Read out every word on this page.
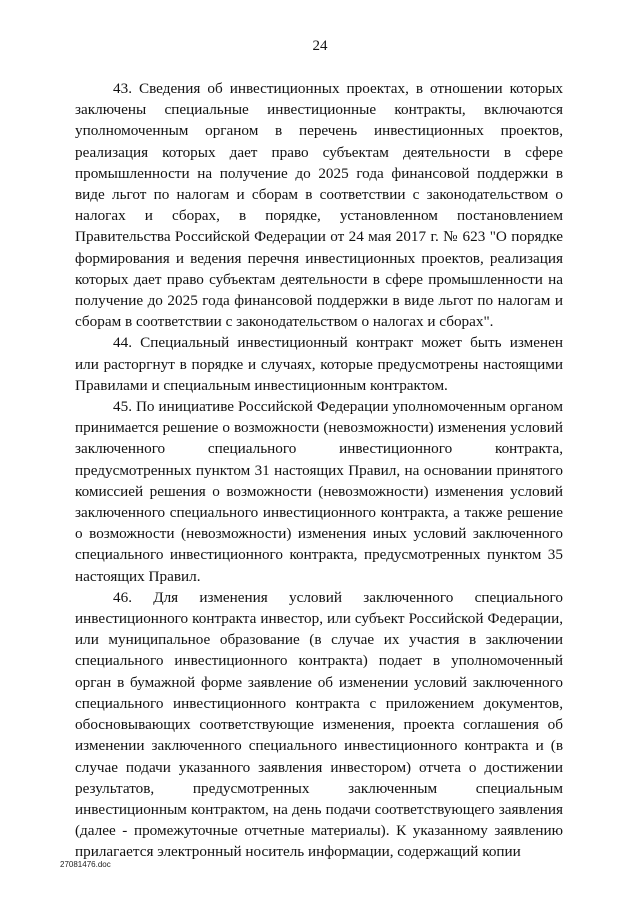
24

43. Сведения об инвестиционных проектах, в отношении которых заключены специальные инвестиционные контракты, включаются уполномоченным органом в перечень инвестиционных проектов, реализация которых дает право субъектам деятельности в сфере промышленности на получение до 2025 года финансовой поддержки в виде льгот по налогам и сборам в соответствии с законодательством о налогах и сборах, в порядке, установленном постановлением Правительства Российской Федерации от 24 мая 2017 г. № 623 "О порядке формирования и ведения перечня инвестиционных проектов, реализация которых дает право субъектам деятельности в сфере промышленности на получение до 2025 года финансовой поддержки в виде льгот по налогам и сборам в соответствии с законодательством о налогах и сборах".

44. Специальный инвестиционный контракт может быть изменен или расторгнут в порядке и случаях, которые предусмотрены настоящими Правилами и специальным инвестиционным контрактом.

45. По инициативе Российской Федерации уполномоченным органом принимается решение о возможности (невозможности) изменения условий заключенного специального инвестиционного контракта, предусмотренных пунктом 31 настоящих Правил, на основании принятого комиссией решения о возможности (невозможности) изменения условий заключенного специального инвестиционного контракта, а также решение о возможности (невозможности) изменения иных условий заключенного специального инвестиционного контракта, предусмотренных пунктом 35 настоящих Правил.

46. Для изменения условий заключенного специального инвестиционного контракта инвестор, или субъект Российской Федерации, или муниципальное образование (в случае их участия в заключении специального инвестиционного контракта) подает в уполномоченный орган в бумажной форме заявление об изменении условий заключенного специального инвестиционного контракта с приложением документов, обосновывающих соответствующие изменения, проекта соглашения об изменении заключенного специального инвестиционного контракта и (в случае подачи указанного заявления инвестором) отчета о достижении результатов, предусмотренных заключенным специальным инвестиционным контрактом, на день подачи соответствующего заявления (далее - промежуточные отчетные материалы). К указанному заявлению прилагается электронный носитель информации, содержащий копии

27081476.doc
